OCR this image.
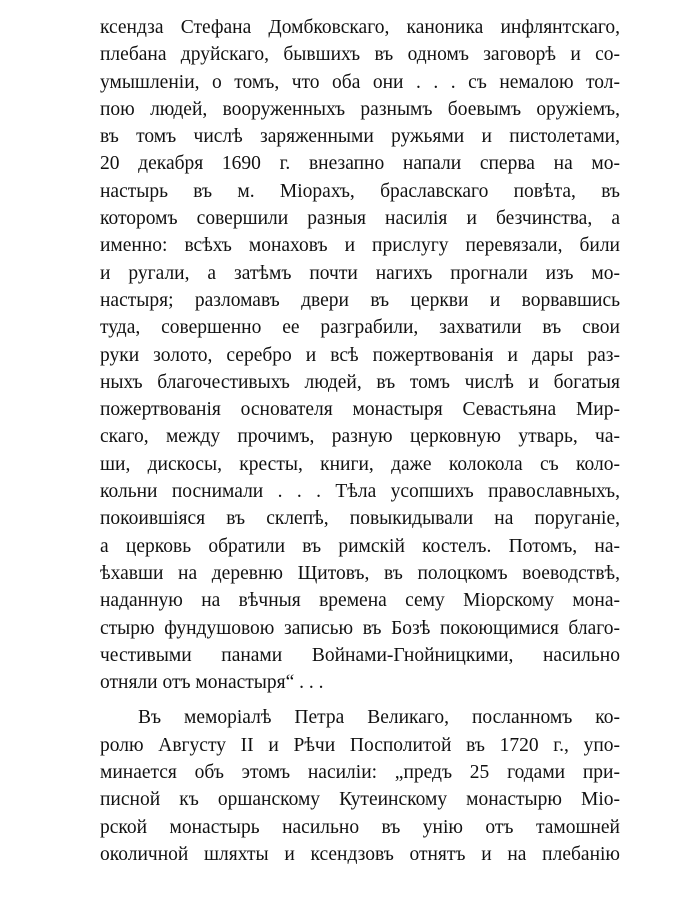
ксендза Стефана Домбковскаго, каноника инфлянтскаго,
плебана друйскаго, бывшихъ въ одномъ заговорѣ и со-
умышленіи, о томъ, что оба они . . . съ немалою тол-
пою людей, вооруженныхъ разнымъ боевымъ оружіемъ,
въ томъ числѣ заряженными ружьями и пистолетами,
20 декабря 1690 г. внезапно напали сперва на мо-
настырь въ м. Міорахъ, браславскаго повѣта, въ
которомъ совершили разныя насилія и безчинства, а
именно: всѣхъ монаховъ и прислугу перевязали, били
и ругали, а затѣмъ почти нагихъ прогнали изъ мо-
настыря; разломавъ двери въ церкви и ворвавшись
туда, совершенно ее разграбили, захватили въ свои
руки золото, серебро и всѣ пожертвованія и дары раз-
ныхъ благочестивыхъ людей, въ томъ числѣ и богатыя
пожертвованія основателя монастыря Севастьяна Мир-
скаго, между прочимъ, разную церковную утварь, ча-
ши, дискосы, кресты, книги, даже колокола съ коло-
кольни поснимали . . . Тѣла усопшихъ православныхъ,
покоившіяся въ склепѣ, повыкидывали на поруганіе,
а церковь обратили въ римскій костелъ. Потомъ, на-
ѣхавши на деревню Щитовъ, въ полоцкомъ воеводствѣ,
наданную на вѣчныя времена сему Міорскому мона-
стырю фундушовою записью въ Бозѣ покоющимися благо-
честивыми панами Войнами-Гнойницкими, насильно
отняли отъ монастыря“ . . .
Въ меморіалѣ Петра Великаго, посланномъ ко-
ролю Августу II и Рѣчи Посполитой въ 1720 г., упо-
минается объ этомъ насиліи: „предъ 25 годами при-
писной къ оршанскому Кутеинскому монастырю Міо-
рской монастырь насильно въ унію отъ тамошней
околичной шляхты и ксендзовъ отнятъ и на плебанію
